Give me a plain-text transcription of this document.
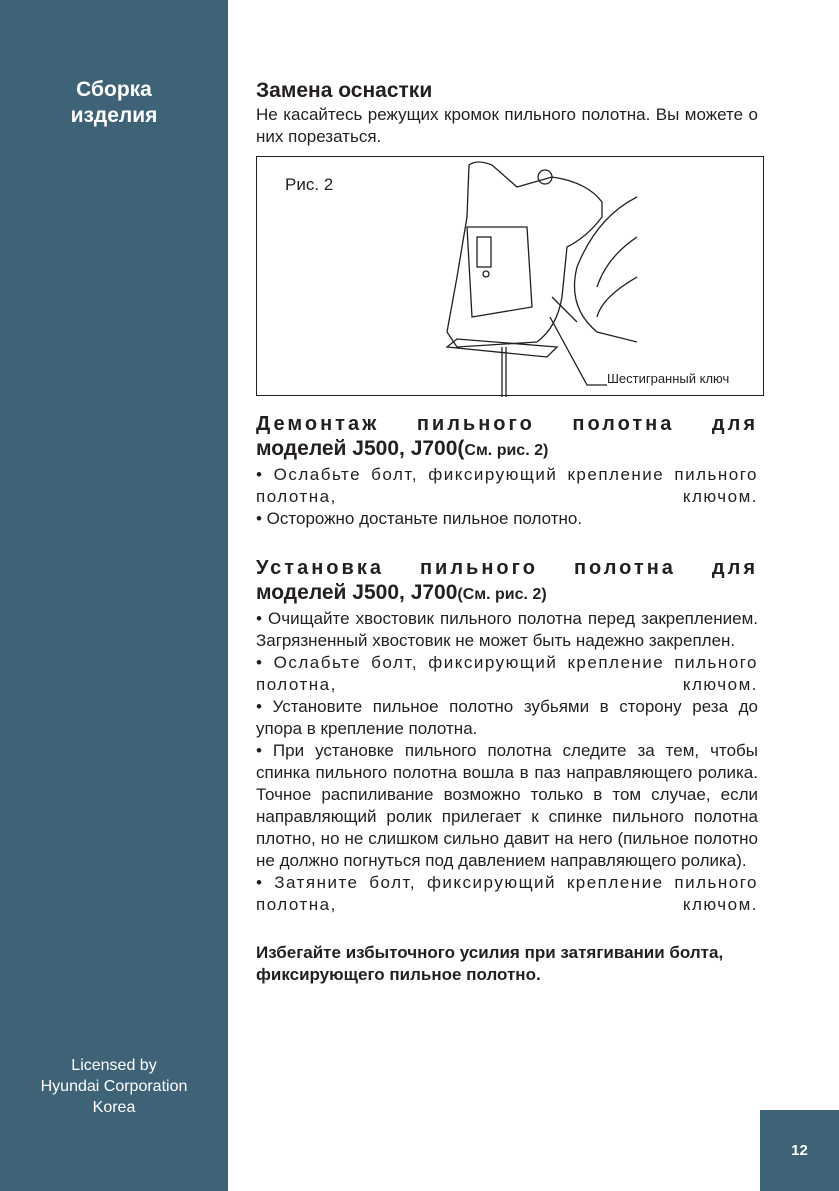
Сборка
изделия
Licensed by
Hyundai Corporation
Korea
12
Замена оснастки

Не касайтесь режущих кромок пильного полотна. Вы можете о них порезаться.

Рис. 2
Шестигранный ключ
Демонтаж пильного полотна для
моделей J500, J700(См. рис. 2)

• Ослабьте болт, фиксирующий крепление пильного полотна, ключом.

• Осторожно достаньте пильное полотно.

Установка пильного полотна для
моделей J500, J700(См. рис. 2)

• Очищайте хвостовик пильного полотна перед закреплением. Загрязненный хвостовик не может быть надежно закреплен.

• Ослабьте болт, фиксирующий крепление пильного полотна, ключом.

• Установите пильное полотно зубьями в сторону реза до упора в крепление полотна.

• При установке пильного полотна следите за тем, чтобы спинка пильного полотна вошла в паз направляющего ролика. Точное распиливание возможно только в том случае, если направляющий ролик прилегает к спинке пильного полотна плотно, но не слишком сильно давит на него (пильное полотно не должно погнуться под давлением направляющего ролика).

• Затяните болт, фиксирующий крепление пильного полотна, ключом.

Избегайте избыточного усилия при затягивании болта, фиксирующего пильное полотно.
